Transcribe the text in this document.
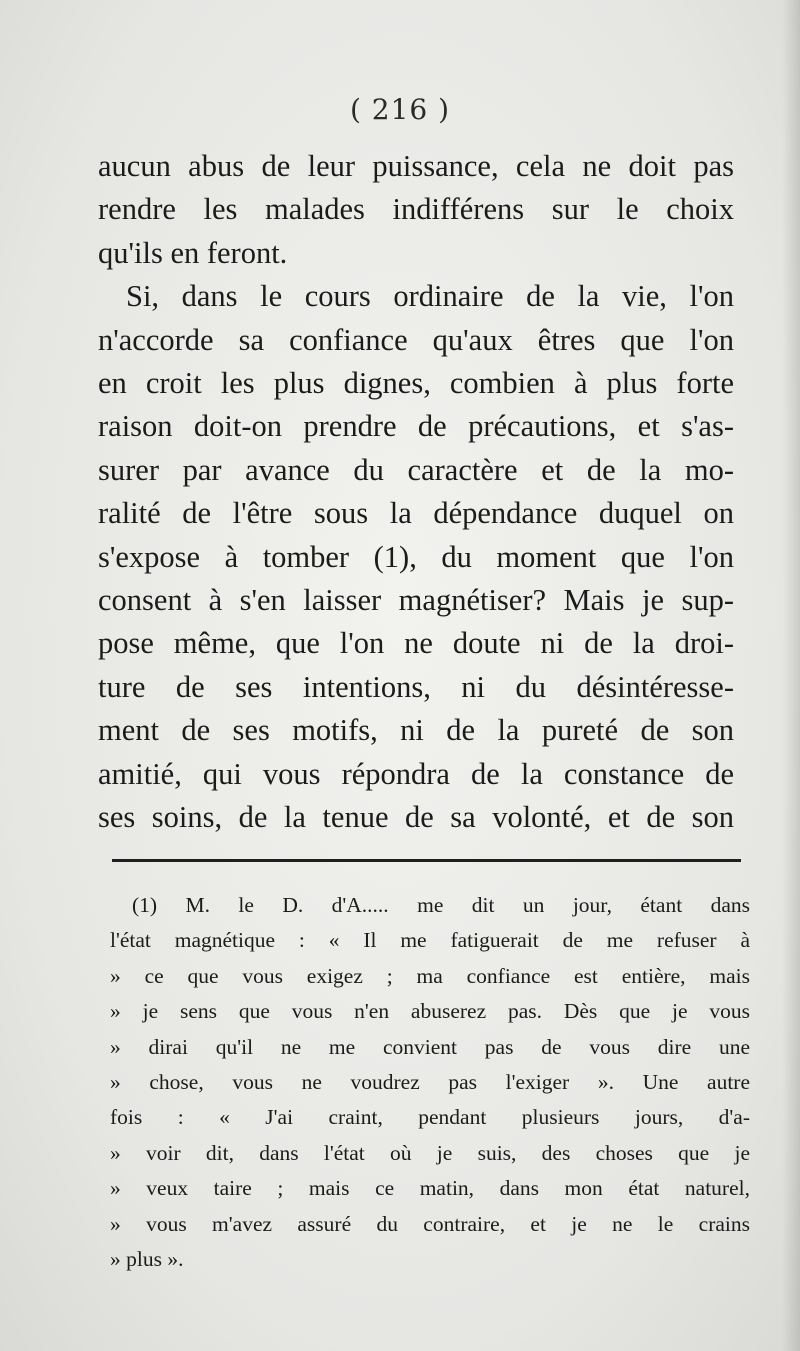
( 216 )
aucun abus de leur puissance, cela ne doit pas
rendre les malades indifférens sur le choix
qu'ils en feront.
Si, dans le cours ordinaire de la vie, l'on
n'accorde sa confiance qu'aux êtres que l'on
en croit les plus dignes, combien à plus forte
raison doit-on prendre de précautions, et s'as-
surer par avance du caractère et de la mo-
ralité de l'être sous la dépendance duquel on
s'expose à tomber (1), du moment que l'on
consent à s'en laisser magnétiser? Mais je sup-
pose même, que l'on ne doute ni de la droi-
ture de ses intentions, ni du désintéresse-
ment de ses motifs, ni de la pureté de son
amitié, qui vous répondra de la constance de
ses soins, de la tenue de sa volonté, et de son
(1) M. le D. d'A..... me dit un jour, étant dans
l'état magnétique : « Il me fatiguerait de me refuser à
» ce que vous exigez ; ma confiance est entière, mais
» je sens que vous n'en abuserez pas. Dès que je vous
» dirai qu'il ne me convient pas de vous dire une
» chose, vous ne voudrez pas l'exiger ». Une autre
fois : « J'ai craint, pendant plusieurs jours, d'a-
» voir dit, dans l'état où je suis, des choses que je
» veux taire ; mais ce matin, dans mon état naturel,
» vous m'avez assuré du contraire, et je ne le crains
» plus ».
